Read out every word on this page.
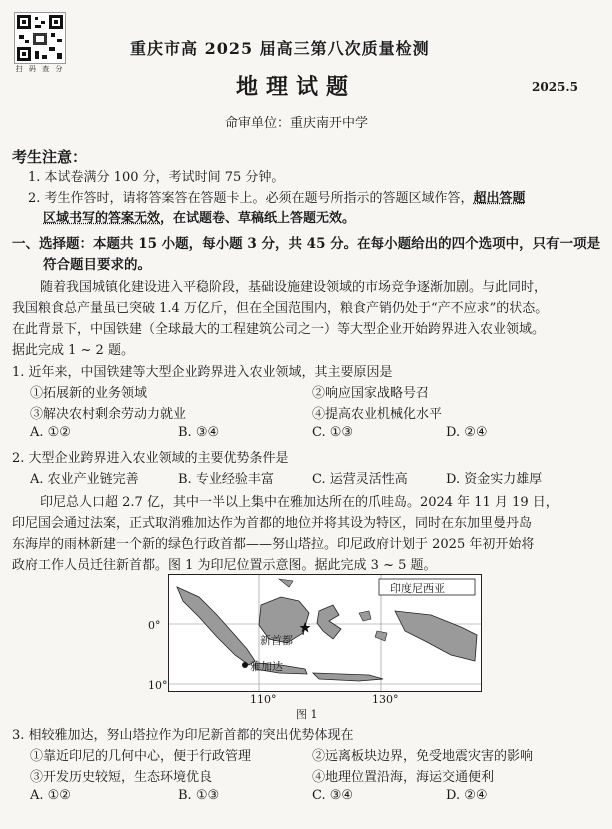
扫 码 查 分
重庆市高 2025 届高三第八次质量检测
地理试题	2025.5
命审单位：重庆南开中学
考生注意：
1. 本试卷满分 100 分，考试时间 75 分钟。
2. 考生作答时，请将答案答在答题卡上。必须在题号所指示的答题区域作答，超出答题
区域书写的答案无效，在试题卷、草稿纸上答题无效。
一、选择题：本题共 15 小题，每小题 3 分，共 45 分。在每小题给出的四个选项中，只有一项是
符合题目要求的。
随着我国城镇化建设进入平稳阶段，基础设施建设领域的市场竞争逐渐加剧。与此同时，
我国粮食总产量虽已突破 1.4 万亿斤，但在全国范围内，粮食产销仍处于“产不应求”的状态。
在此背景下，中国铁建（全球最大的工程建筑公司之一）等大型企业开始跨界进入农业领域。
据此完成 1 ~ 2 题。
1. 近年来，中国铁建等大型企业跨界进入农业领域，其主要原因是
①拓展新的业务领域	②响应国家战略号召
③解决农村剩余劳动力就业	④提高农业机械化水平
A. ①②	B. ③④	C. ①③	D. ②④
2. 大型企业跨界进入农业领域的主要优势条件是
A. 农业产业链完善	B. 专业经验丰富	C. 运营灵活性高	D. 资金实力雄厚
印尼总人口超 2.7 亿，其中一半以上集中在雅加达所在的爪哇岛。2024 年 11 月 19 日，
印尼国会通过法案，正式取消雅加达作为首都的地位并将其设为特区，同时在东加里曼丹岛
东海岸的雨林新建一个新的绿色行政首都——努山塔拉。印尼政府计划于 2025 年初开始将
政府工作人员迁往新首都。图 1 为印尼位置示意图。据此完成 3 ~ 5 题。
0°
10°
印度尼西亚
新首都
雅加达
110°	130°
图 1
3. 相较雅加达，努山塔拉作为印尼新首都的突出优势体现在
①靠近印尼的几何中心，便于行政管理	②远离板块边界，免受地震灾害的影响
③开发历史较短，生态环境优良	④地理位置沿海，海运交通便利
A. ①②	B. ①③	C. ③④	D. ②④
